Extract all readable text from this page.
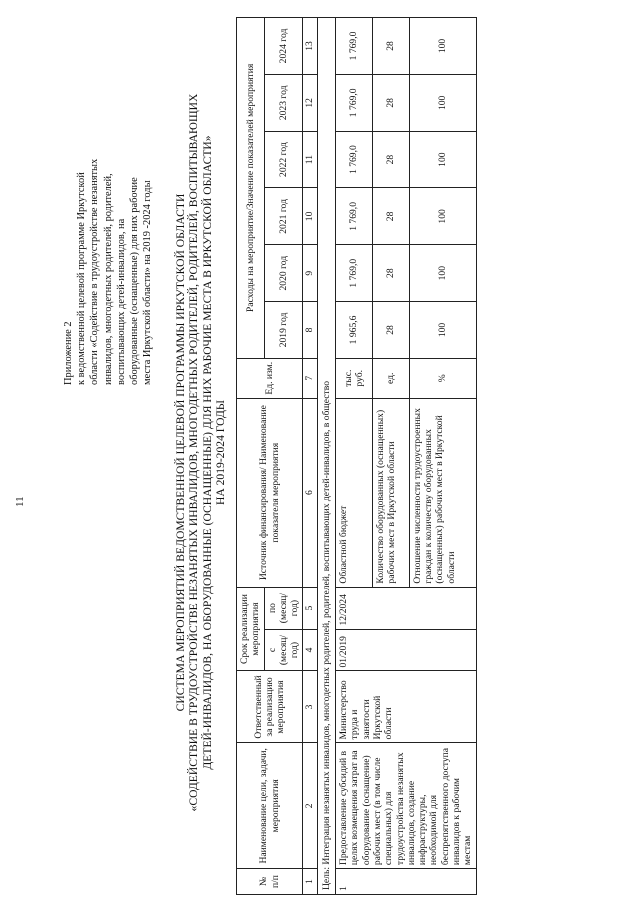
11
Приложение 2 к ведомственной целевой программе Иркутской области «Содействие в трудоустройстве незанятых инвалидов, многодетных родителей, родителей, воспитывающих детей-инвалидов, на оборудованные (оснащенные) для них рабочие места Иркутской области» на 2019 -2024 годы СИСТЕМА МЕРОПРИЯТИЙ ВЕДОМСТВЕННОЙ ЦЕЛЕВОЙ ПРОГРАММЫ ИРКУТСКОЙ ОБЛАСТИ «СОДЕЙСТВИЕ В ТРУДОУСТРОЙСТВЕ НЕЗАНЯТЫХ ИНВАЛИДОВ, МНОГОДЕТНЫХ РОДИТЕЛЕЙ, РОДИТЕЛЕЙ, ВОСПИТЫВАЮЩИХ ДЕТЕЙ-ИНВАЛИДОВ, НА ОБОРУДОВАННЫЕ (ОСНАЩЕННЫЕ) ДЛЯ НИХ РАБОЧИЕ МЕСТА В ИРКУТСКОЙ ОБЛАСТИ» НА 2019-2024 ГОДЫ
№ п/п	Наименование цели, задачи, мероприятия	Ответственный за реализацию мероприятия	Срок реализации мероприятия		Источник финансирования/ Наименование показателя мероприятия	Ед. изм.	Расходы на мероприятие/Значение показателей мероприятия					
			с (месяц/ год)	по (месяц/ год)			2019 год	2020 год	2021 год	2022 год	2023 год	2024 год
1	2	3	4	5	6	7	8	9	10	11	12	13
Цель: Интеграция незанятых инвалидов, многодетных родителей, родителей, воспитывающих детей-инвалидов, в общество												
1	Предоставление субсидий в целях возмещения затрат на оборудование (оснащение) рабочих мест (в том числе специальных) для трудоустройства незанятых инвалидов, создание инфраструктуры, необходимой для беспрепятственного доступа инвалидов к рабочим местам	Министерство труда и занятости Иркутской области	01/2019	12/2024	Областной бюджет	тыс. руб.	1 965,6	1 769,0	1 769,0	1 769,0	1 769,0	1 769,0
					Количество оборудованных (оснащенных) рабочих мест в Иркутской области	ед.	28	28	28	28	28	28
					Отношение численности трудоустроенных граждан к количеству оборудованных (оснащенных) рабочих мест в Иркутской области	%	100	100	100	100	100	100
